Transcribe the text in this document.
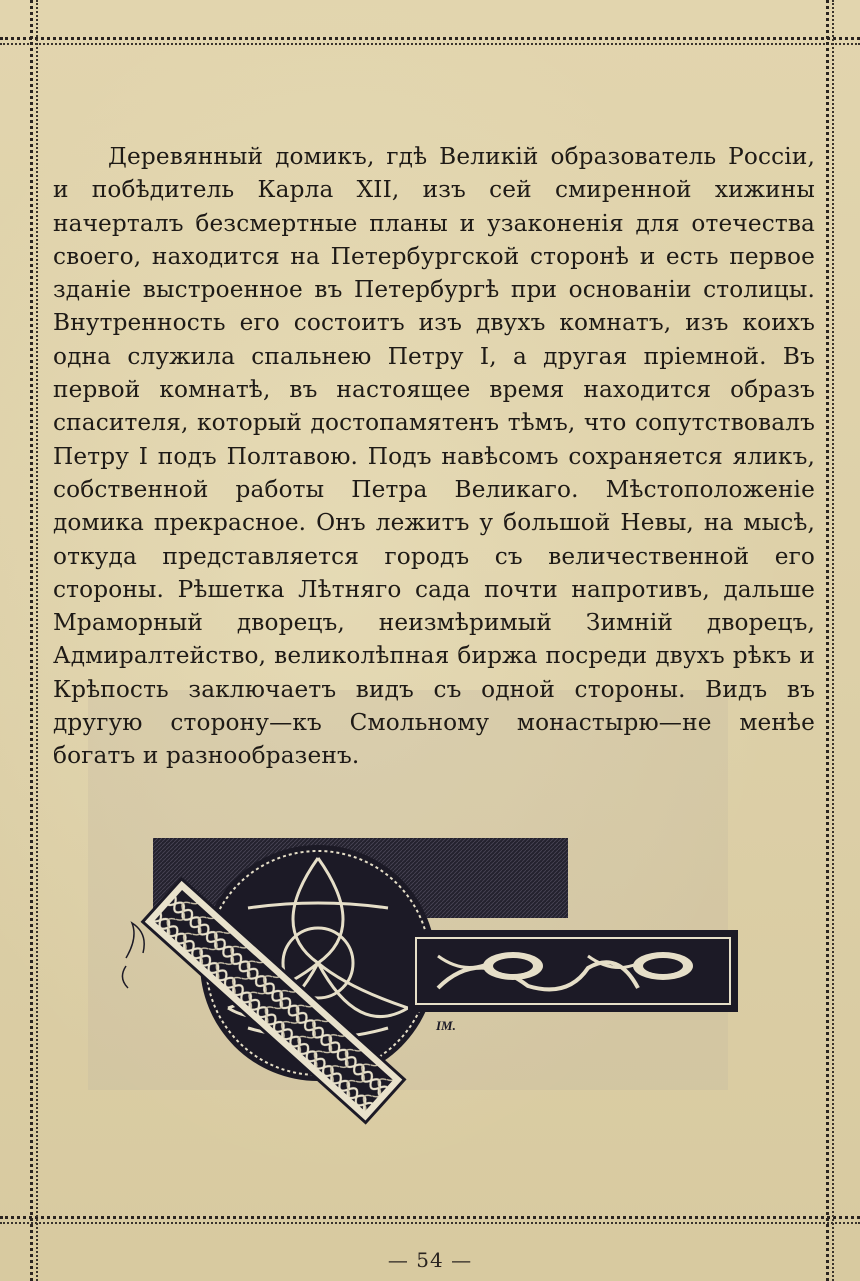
Деревянный домикъ, гдѣ Великій образователь Россіи, и побѣдитель Карла XII, изъ сей смиренной хижины начерталъ безсмертные планы и узаконенія для отечества своего, находится на Петербургской сторонѣ и есть первое зданіе выстроенное въ Петербургѣ при основаніи столицы. Внутренность его состоитъ изъ двухъ комнатъ, изъ коихъ одна служила спальнею Петру I, а другая пріемной. Въ первой комнатѣ, въ настоящее время находится образъ спасителя, который достопамятенъ тѣмъ, что сопутствовалъ Петру I подъ Полтавою. Подъ навѣсомъ сохраняется яликъ, собственной работы Петра Великаго. Мѣстоположеніе домика прекрасное. Онъ лежитъ у большой Невы, на мысѣ, откуда представляется городъ съ величественной его стороны. Рѣшетка Лѣтняго сада почти напротивъ, дальше Мраморный дворецъ, неизмѣримый Зимній дворецъ, Адмиралтейство, великолѣпная биржа посреди двухъ рѣкъ и Крѣпость заключаетъ видъ съ одной стороны. Видъ въ другую сторону—къ Смольному монастырю—не менѣе богатъ и разнообразенъ.

IM.
— 54 —
